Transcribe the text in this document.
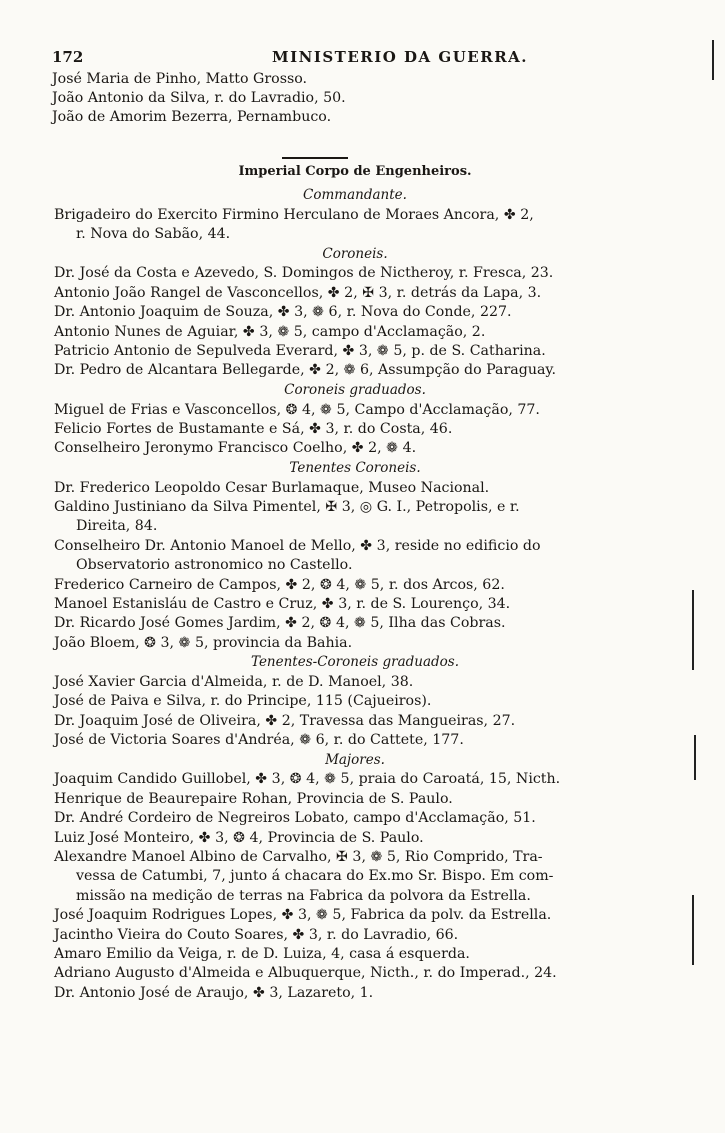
172	MINISTERIO DA GUERRA.
José Maria de Pinho, Matto Grosso.
João Antonio da Silva, r. do Lavradio, 50.
João de Amorim Bezerra, Pernambuco.
Imperial Corpo de Engenheiros.
Commandante.
Brigadeiro do Exercito Firmino Herculano de Moraes Ancora, ✤ 2,
r. Nova do Sabão, 44.
Coroneis.
Dr. José da Costa e Azevedo, S. Domingos de Nictheroy, r. Fresca, 23.
Antonio João Rangel de Vasconcellos, ✤ 2, ✠ 3, r. detrás da Lapa, 3.
Dr. Antonio Joaquim de Souza, ✤ 3, ❁ 6, r. Nova do Conde, 227.
Antonio Nunes de Aguiar, ✤ 3, ❁ 5, campo d'Acclamação, 2.
Patricio Antonio de Sepulveda Everard, ✤ 3, ❁ 5, p. de S. Catharina.
Dr. Pedro de Alcantara Bellegarde, ✤ 2, ❁ 6, Assumpção do Paraguay.
Coroneis graduados.
Miguel de Frias e Vasconcellos, ❂ 4, ❁ 5, Campo d'Acclamação, 77.
Felicio Fortes de Bustamante e Sá, ✤ 3, r. do Costa, 46.
Conselheiro Jeronymo Francisco Coelho, ✤ 2, ❁ 4.
Tenentes Coroneis.
Dr. Frederico Leopoldo Cesar Burlamaque, Museo Nacional.
Galdino Justiniano da Silva Pimentel, ✠ 3, ◎ G. I., Petropolis, e r.
Direita, 84.
Conselheiro Dr. Antonio Manoel de Mello, ✤ 3, reside no edificio do
Observatorio astronomico no Castello.
Frederico Carneiro de Campos, ✤ 2, ❂ 4, ❁ 5, r. dos Arcos, 62.
Manoel Estanisláu de Castro e Cruz, ✤ 3, r. de S. Lourenço, 34.
Dr. Ricardo José Gomes Jardim, ✤ 2, ❂ 4, ❁ 5, Ilha das Cobras.
João Bloem, ❂ 3, ❁ 5, provincia da Bahia.
Tenentes-Coroneis graduados.
José Xavier Garcia d'Almeida, r. de D. Manoel, 38.
José de Paiva e Silva, r. do Principe, 115 (Cajueiros).
Dr. Joaquim José de Oliveira, ✤ 2, Travessa das Mangueiras, 27.
José de Victoria Soares d'Andréa, ❁ 6, r. do Cattete, 177.
Majores.
Joaquim Candido Guillobel, ✤ 3, ❂ 4, ❁ 5, praia do Caroatá, 15, Nicth.
Henrique de Beaurepaire Rohan, Provincia de S. Paulo.
Dr. André Cordeiro de Negreiros Lobato, campo d'Acclamação, 51.
Luiz José Monteiro, ✤ 3, ❂ 4, Provincia de S. Paulo.
Alexandre Manoel Albino de Carvalho, ✠ 3, ❁ 5, Rio Comprido, Tra-
vessa de Catumbi, 7, junto á chacara do Ex.mo Sr. Bispo. Em com-
missão na medição de terras na Fabrica da polvora da Estrella.
José Joaquim Rodrigues Lopes, ✤ 3, ❁ 5, Fabrica da polv. da Estrella.
Jacintho Vieira do Couto Soares, ✤ 3, r. do Lavradio, 66.
Amaro Emilio da Veiga, r. de D. Luiza, 4, casa á esquerda.
Adriano Augusto d'Almeida e Albuquerque, Nicth., r. do Imperad., 24.
Dr. Antonio José de Araujo, ✤ 3, Lazareto, 1.
